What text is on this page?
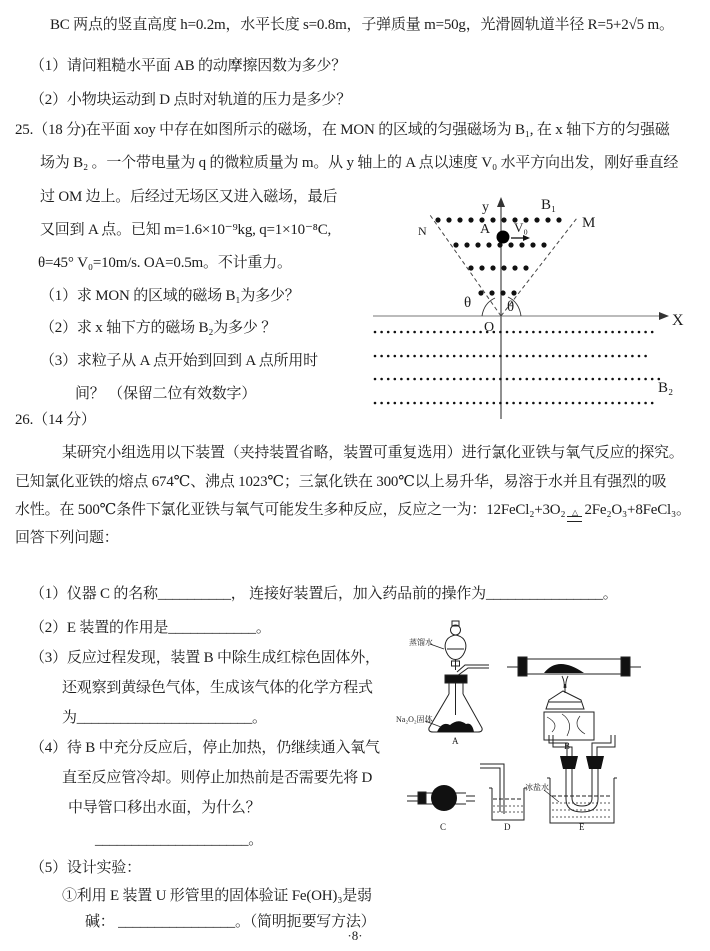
BC 两点的竖直高度 h=0.2m，水平长度 s=0.8m，子弹质量 m=50g，光滑圆轨道半径 R=5+2√5 m。
（1）请问粗糙水平面 AB 的动摩擦因数为多少？
（2）小物块运动到 D 点时对轨道的压力是多少？
25.（18 分)在平面 xoy 中存在如图所示的磁场，在 MON 的区域的匀强磁场为 B₁, 在 x 轴下方的匀强磁
场为 B₂ 。一个带电量为 q 的微粒质量为 m。从 y 轴上的 A 点以速度 V₀ 水平方向出发，刚好垂直经
过 OM 边上。后经过无场区又进入磁场，最后
又回到 A 点。已知 m=1.6×10⁻⁹kg, q=1×10⁻⁸C,
θ=45° V₀=10m/s. OA=0.5m。不计重力。
（1）求 MON 的区域的磁场 B₁为多少？
（2）求 x 轴下方的磁场 B₂为多少 ？
（3）求粒子从 A 点开始到回到 A 点所用时
间？ （保留二位有效数字）
y
X
B₁
M
N	A V₀
θ θ
O
B₂
26.（14 分）
某研究小组选用以下装置（夹持装置省略，装置可重复选用）进行氯化亚铁与氧气反应的探究。
已知氯化亚铁的熔点 674℃、沸点 1023℃；三氯化铁在 300℃以上易升华，易溶于水并且有强烈的吸
水性。在 500℃条件下氯化亚铁与氧气可能发生多种反应，反应之一为：12FeCl₂+3O₂ △ 2Fe₂O₃+8FeCl₃。
回答下列问题：
（1）仪器 C 的名称__________， 连接好装置后，加入药品前的操作为________________。
（2）E 装置的作用是____________。
（3）反应过程发现，装置 B 中除生成红棕色固体外，
还观察到黄绿色气体，生成该气体的化学方程式
为________________________。
（4）待 B 中充分反应后，停止加热，仍继续通入氧气
直至反应管冷却。则停止加热前是否需要先将 D
中导管口移出水面，为什么？
_____________________。
（5）设计实验：
①利用 E 装置 U 形管里的固体验证 Fe(OH)₃是弱
碱： ________________。（简明扼要写方法）
蒸馏水
Na₂O₂固体
冰盐水
A	B
C	D	E
·8·
